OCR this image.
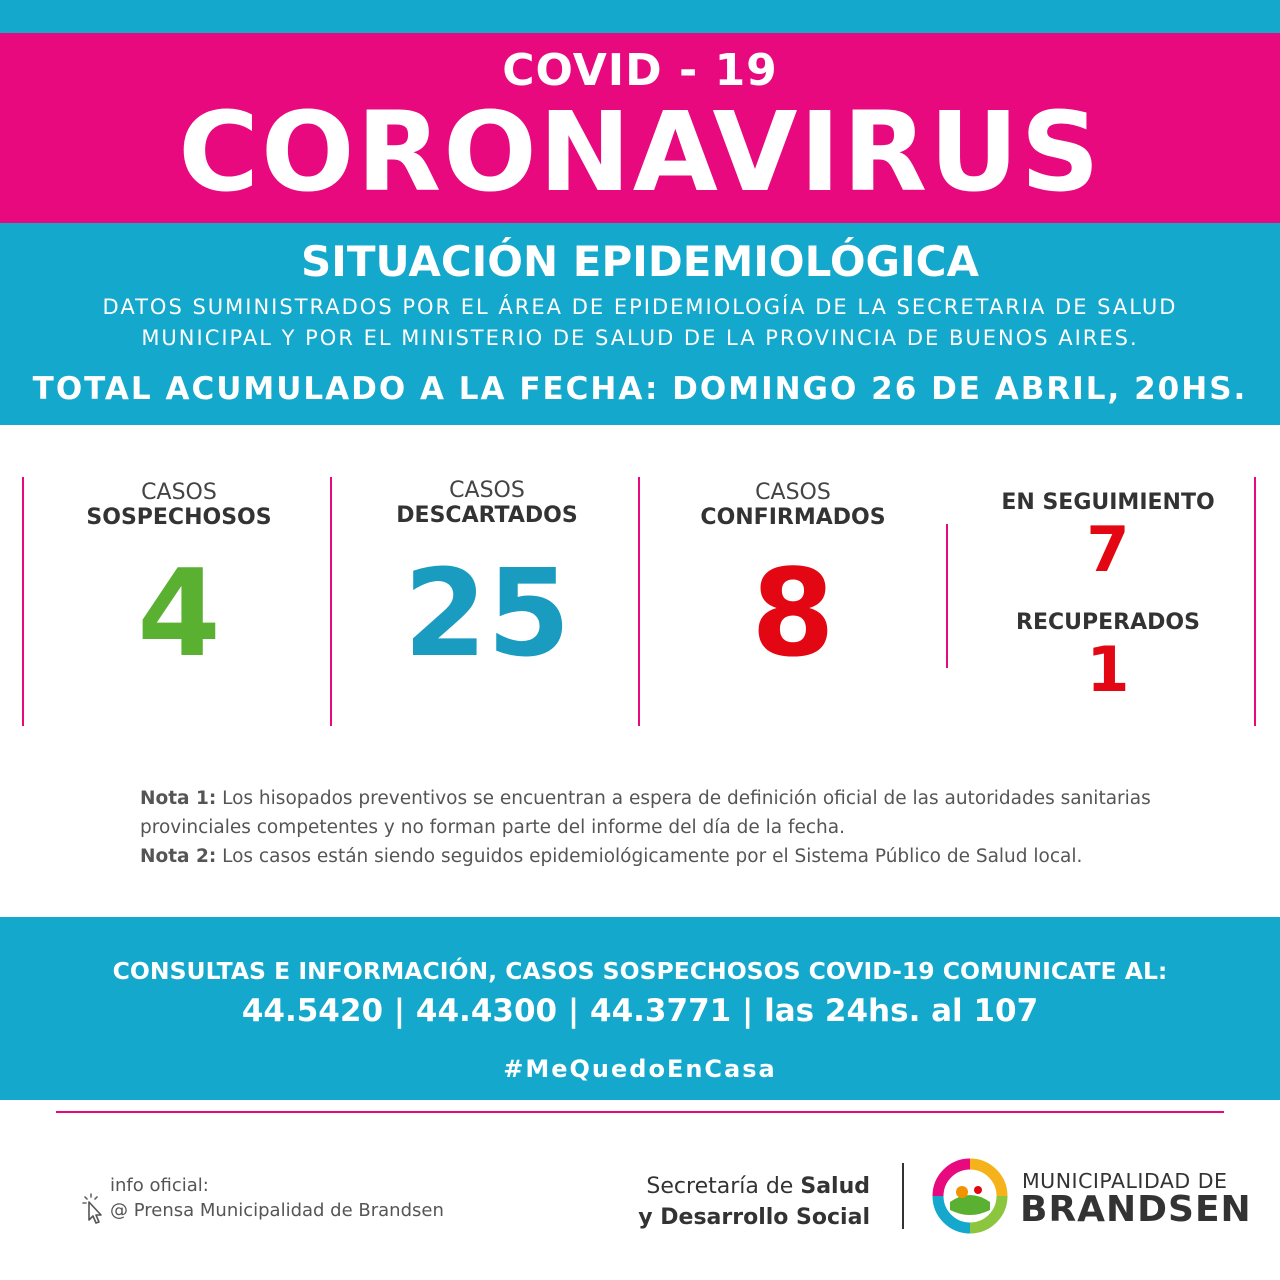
COVID - 19
CORONAVIRUS
SITUACIÓN EPIDEMIOLÓGICA
DATOS SUMINISTRADOS POR EL ÁREA DE EPIDEMIOLOGÍA DE LA SECRETARIA DE SALUD
MUNICIPAL Y POR EL MINISTERIO DE SALUD DE LA PROVINCIA DE BUENOS AIRES.
TOTAL ACUMULADO A LA FECHA: DOMINGO 26 DE ABRIL, 20HS.
CASOS
SOSPECHOSOS
4
CASOS
DESCARTADOS
25
CASOS
CONFIRMADOS
8
EN SEGUIMIENTO
7
RECUPERADOS
1
Nota 1: Los hisopados preventivos se encuentran a espera de definición oficial de las autoridades sanitarias provinciales competentes y no forman parte del informe del día de la fecha.
Nota 2: Los casos están siendo seguidos epidemiológicamente por el Sistema Público de Salud local.
CONSULTAS E INFORMACIÓN, CASOS SOSPECHOSOS COVID-19 COMUNICATE AL:
44.5420 | 44.4300 | 44.3771 | las 24hs. al 107
#MeQuedoEnCasa
info oficial:
@ Prensa Municipalidad de Brandsen
Secretaría de Salud
y Desarrollo Social
MUNICIPALIDAD DE
BRANDSEN
